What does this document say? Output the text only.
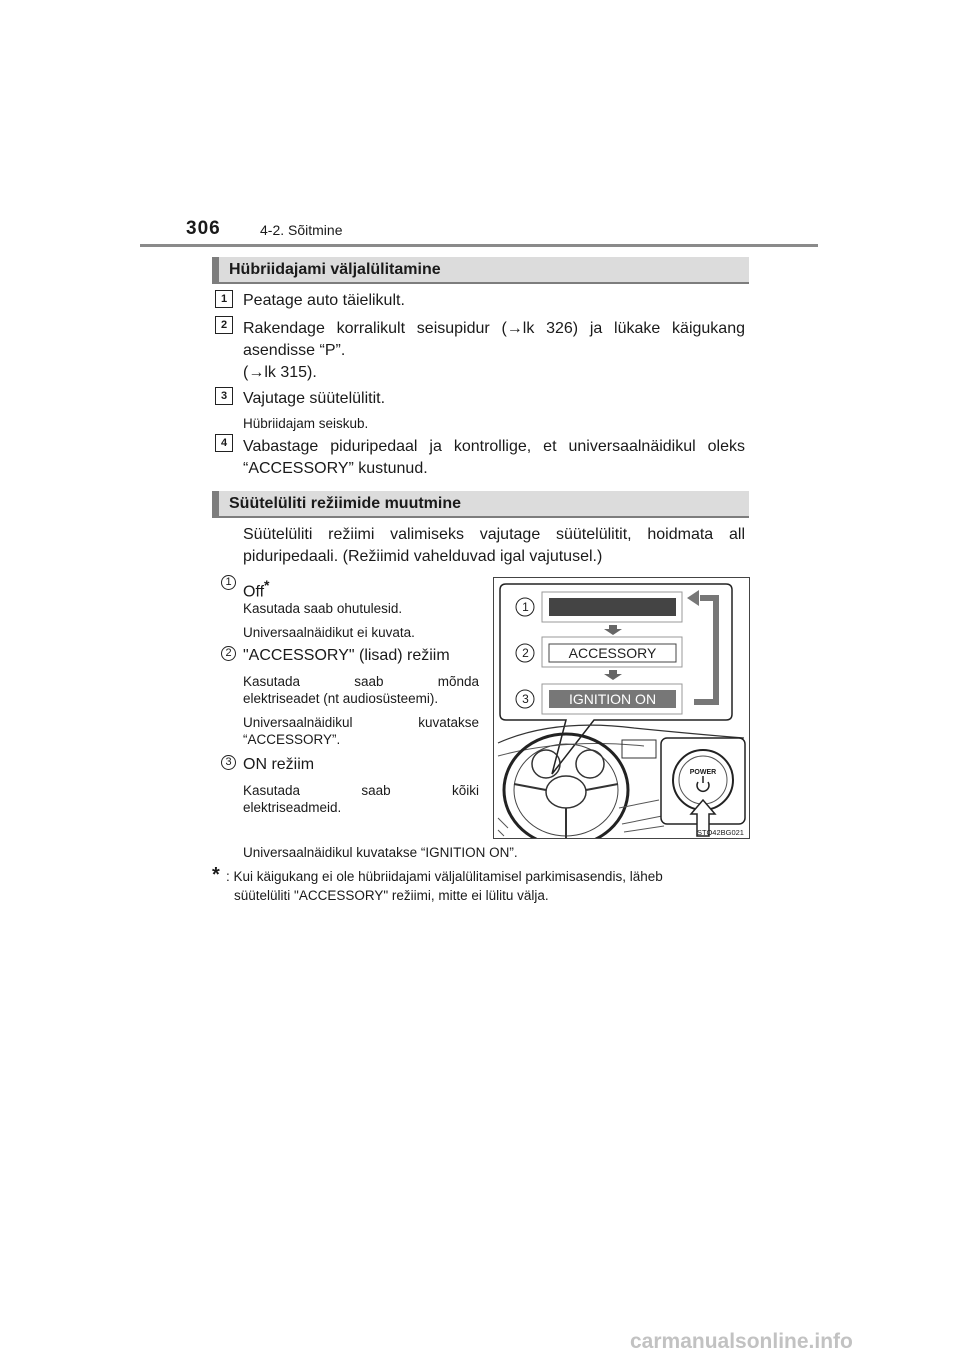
306	4-2. Sõitmine
Hübriidajami väljalülitamine
1 Peatage auto täielikult.
2 Rakendage korralikult seisupidur (→lk 326) ja lükake käigukang
asendisse “P”.
(→lk 315).
3 Vajutage süütelülitit.
Hübriidajam seiskub.
4 Vabastage piduripedaal ja kontrollige, et universaalnäidikul oleks
“ACCESSORY” kustunud.
Süütelüliti režiimide muutmine
Süütelüliti režiimi valimiseks vajutage süütelülitit, hoidmata all
piduripedaali. (Režiimid vahelduvad igal vajutusel.)
1
Off*
Kasutada saab ohutulesid.
Universaalnäidikut ei kuvata.
2 "ACCESSORY" (lisad) režiim
Kasutada saab mõnda
elektriseadet (nt audiosüsteemi).
Universaalnäidikul kuvatakse
“ACCESSORY”.
3 ON režiim
Kasutada saab kõiki
elektriseadmeid.
Universaalnäidikul kuvatakse “IGNITION ON”.
1
2
3
ACCESSORY
IGNITION ON
POWER
STO42BG021
* : Kui käigukang ei ole hübriidajami väljalülitamisel parkimisasendis, läheb
süütelüliti "ACCESSORY" režiimi, mitte ei lülitu välja.
carmanualsonline.info
